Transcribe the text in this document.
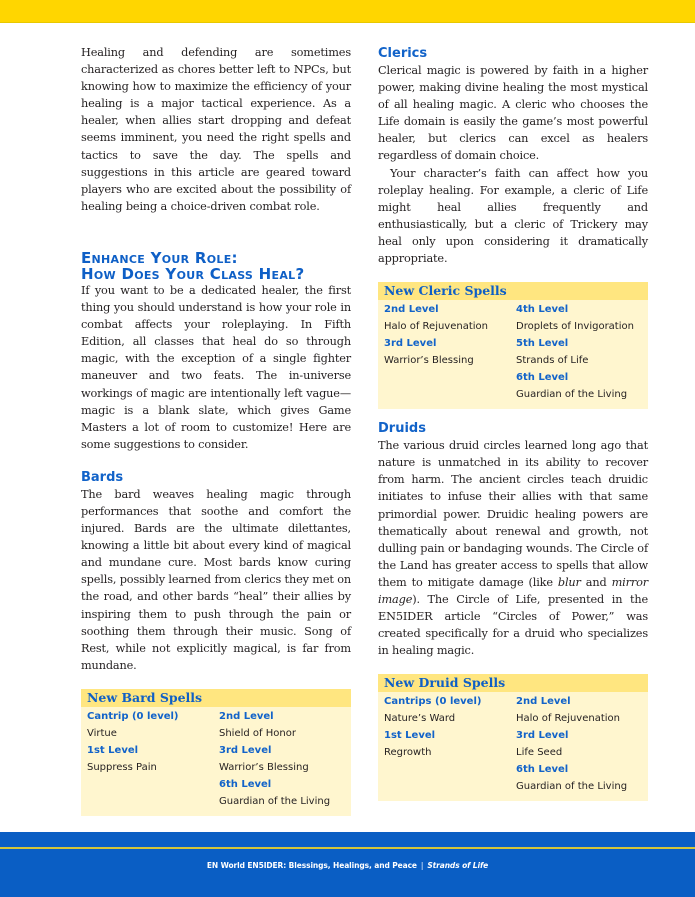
Healing and defending are sometimes characterized as chores better left to NPCs, but knowing how to maximize the efficiency of your healing is a major tactical experience. As a healer, when allies start dropping and defeat seems imminent, you need the right spells and tactics to save the day. The spells and suggestions in this article are geared toward players who are excited about the possibility of healing being a choice-driven combat role.

Enhance Your Role:
How Does Your Class Heal?

If you want to be a dedicated healer, the first thing you should understand is how your role in combat affects your roleplaying. In Fifth Edition, all classes that heal do so through magic, with the exception of a single fighter maneuver and two feats. The in-universe workings of magic are intentionally left vague—magic is a blank slate, which gives Game Masters a lot of room to customize! Here are some suggestions to consider.

Bards

The bard weaves healing magic through performances that soothe and comfort the injured. Bards are the ultimate dilettantes, knowing a little bit about every kind of magical and mundane cure. Most bards know curing spells, possibly learned from clerics they met on the road, and other bards “heal” their allies by inspiring them to push through the pain or soothing them through their music. Song of Rest, while not explicitly magical, is far from mundane.

New Bard Spells
Cantrip (0 level)
Virtue
1st Level
Suppress Pain
2nd Level
Shield of Honor
3rd Level
Warrior’s Blessing
6th Level
Guardian of the Living
Clerics

Clerical magic is powered by faith in a higher power, making divine healing the most mystical of all healing magic. A cleric who chooses the Life domain is easily the game’s most powerful healer, but clerics can excel as healers regardless of domain choice.

Your character’s faith can affect how you roleplay healing. For example, a cleric of Life might heal allies frequently and enthusiastically, but a cleric of Trickery may heal only upon considering it dramatically appropriate.

New Cleric Spells
2nd Level
Halo of Rejuvenation
3rd Level
Warrior’s Blessing
4th Level
Droplets of Invigoration
5th Level
Strands of Life
6th Level
Guardian of the Living
Druids

The various druid circles learned long ago that nature is unmatched in its ability to recover from harm. The ancient circles teach druidic initiates to infuse their allies with that same primordial power. Druidic healing powers are thematically about renewal and growth, not dulling pain or bandaging wounds. The Circle of the Land has greater access to spells that allow them to mitigate damage (like blur and mirror image). The Circle of Life, presented in the EN5IDER article “Circles of Power,” was created specifically for a druid who specializes in healing magic.

New Druid Spells
Cantrips (0 level)
Nature’s Ward
1st Level
Regrowth
2nd Level
Halo of Rejuvenation
3rd Level
Life Seed
6th Level
Guardian of the Living
EN World EN5IDER: Blessings, Healings, and Peace | Strands of Life
